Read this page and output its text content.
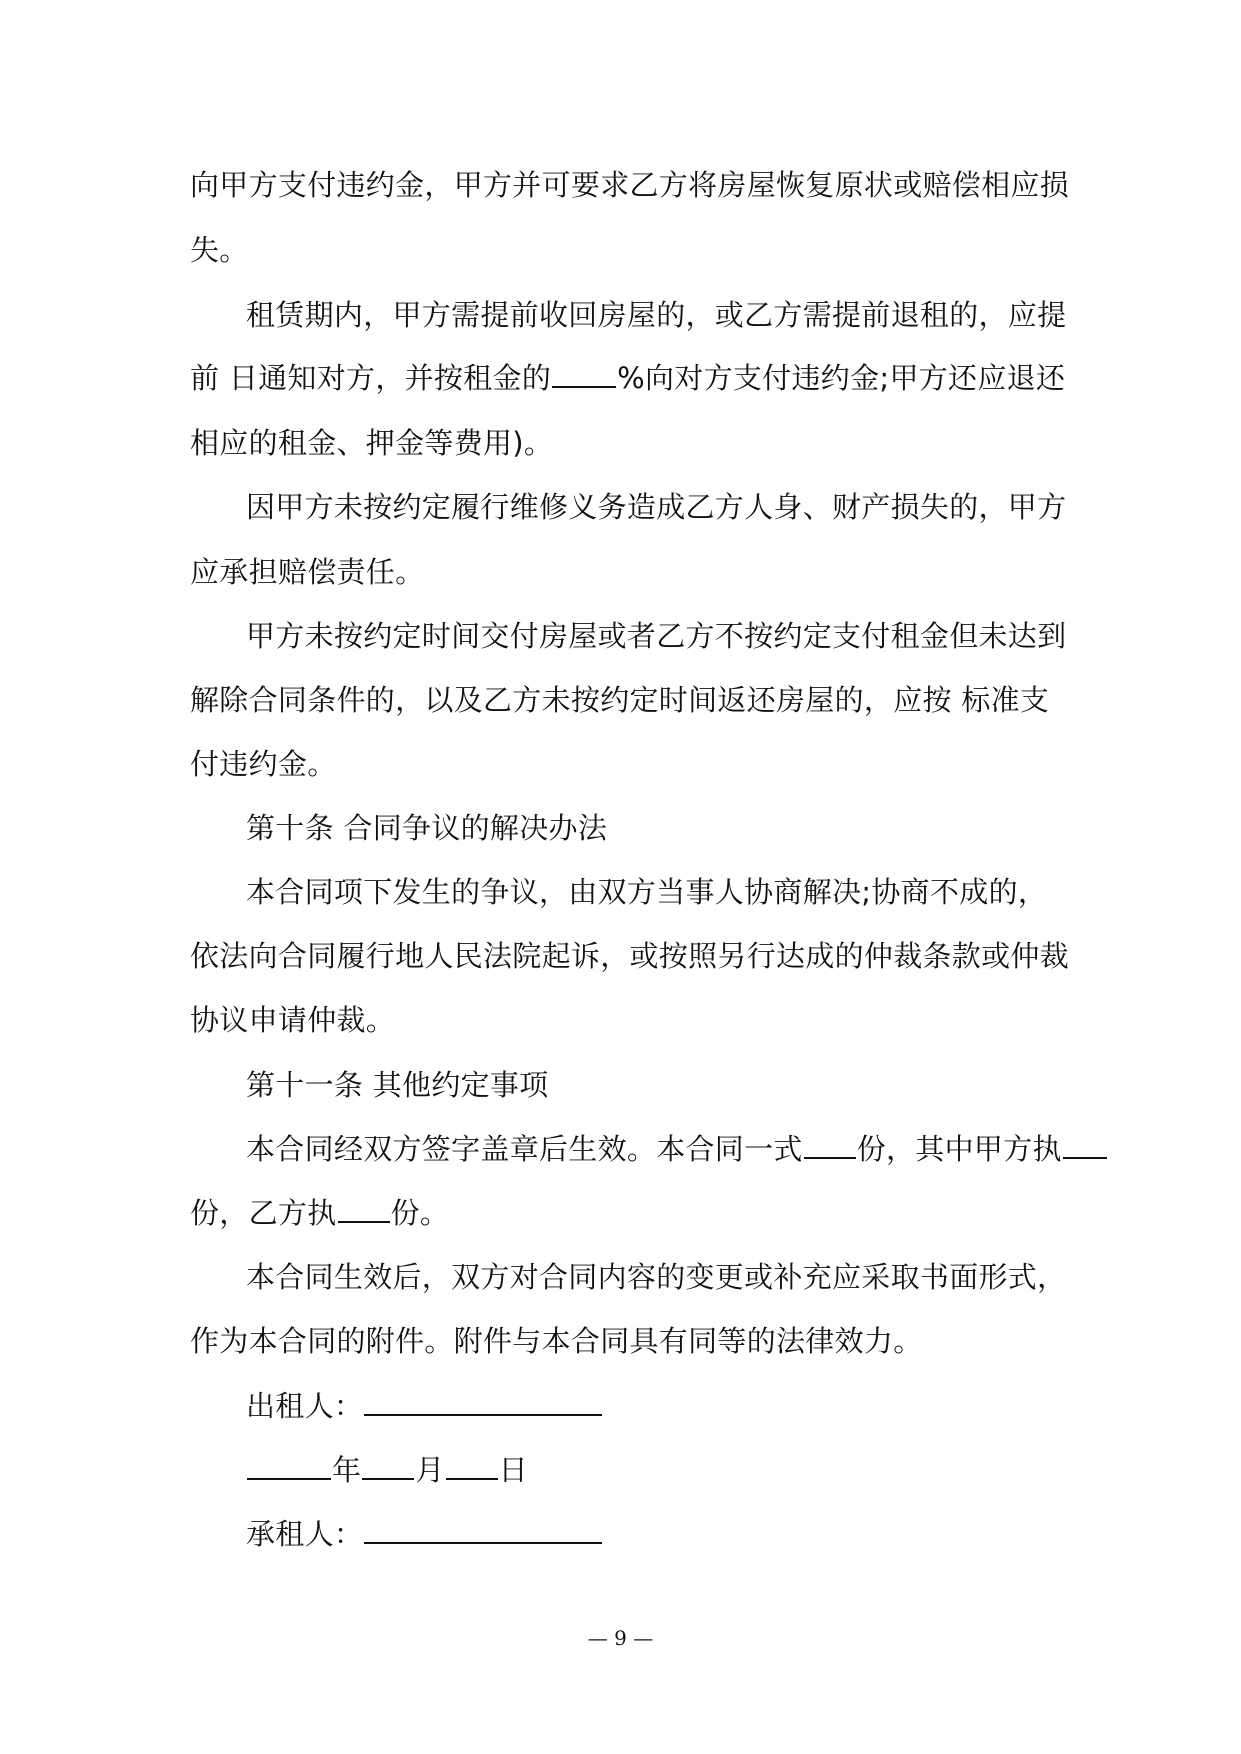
向甲方支付违约金，甲方并可要求乙方将房屋恢复原状或赔偿相应损
失。
租赁期内，甲方需提前收回房屋的，或乙方需提前退租的，应提
前 日通知对方，并按租金的 %向对方支付违约金;甲方还应退还
相应的租金、押金等费用)。
因甲方未按约定履行维修义务造成乙方人身、财产损失的，甲方
应承担赔偿责任。
甲方未按约定时间交付房屋或者乙方不按约定支付租金但未达到
解除合同条件的，以及乙方未按约定时间返还房屋的，应按 标准支
付违约金。
第十条 合同争议的解决办法
本合同项下发生的争议，由双方当事人协商解决;协商不成的，
依法向合同履行地人民法院起诉，或按照另行达成的仲裁条款或仲裁
协议申请仲裁。
第十一条 其他约定事项
本合同经双方签字盖章后生效。本合同一式 份，其中甲方执
份，乙方执 份。
本合同生效后，双方对合同内容的变更或补充应采取书面形式，
作为本合同的附件。附件与本合同具有同等的法律效力。
出租人：
年 月 日
承租人：
— 9 —
